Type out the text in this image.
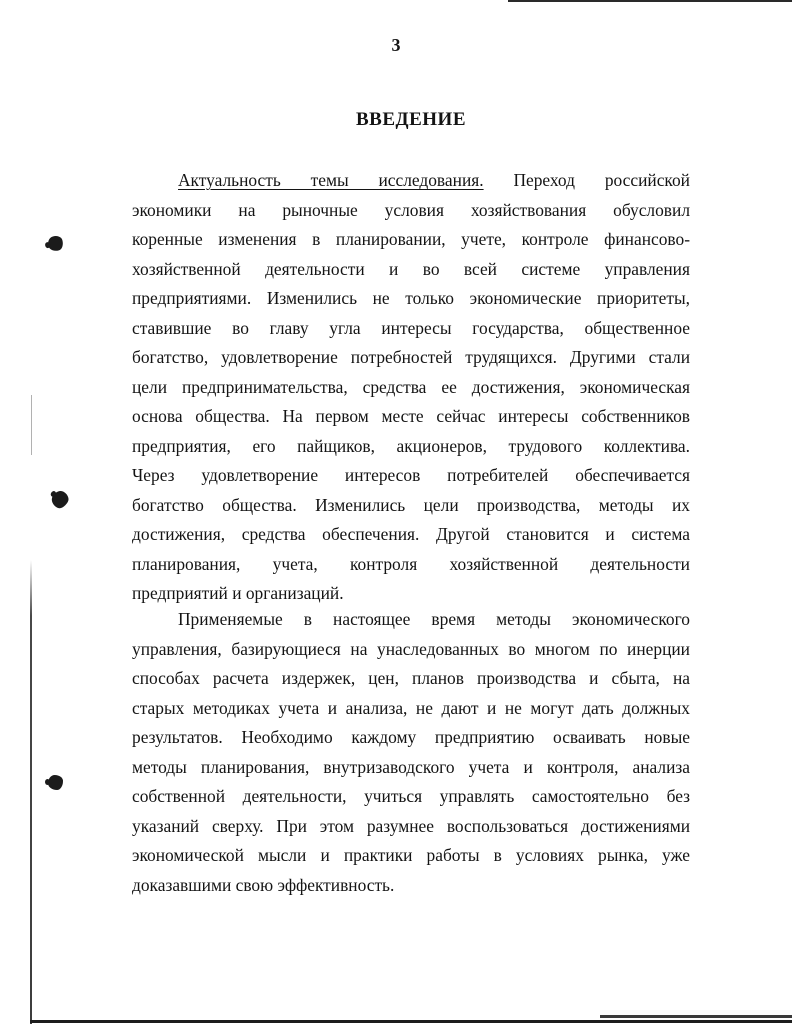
3
ВВЕДЕНИЕ
Актуальность темы исследования. Переход российской
экономики на рыночные условия хозяйствования обусловил
коренные изменения в планировании, учете, контроле финансово-
хозяйственной деятельности и во всей системе управления
предприятиями. Изменились не только экономические приоритеты,
ставившие во главу угла интересы государства, общественное
богатство, удовлетворение потребностей трудящихся. Другими стали
цели предпринимательства, средства ее достижения, экономическая
основа общества. На первом месте сейчас интересы собственников
предприятия, его пайщиков, акционеров, трудового коллектива.
Через удовлетворение интересов потребителей обеспечивается
богатство общества. Изменились цели производства, методы их
достижения, средства обеспечения. Другой становится и система
планирования, учета, контроля хозяйственной деятельности
предприятий и организаций.
Применяемые в настоящее время методы экономического
управления, базирующиеся на унаследованных во многом по инерции
способах расчета издержек, цен, планов производства и сбыта, на
старых методиках учета и анализа, не дают и не могут дать должных
результатов. Необходимо каждому предприятию осваивать новые
методы планирования, внутризаводского учета и контроля, анализа
собственной деятельности, учиться управлять самостоятельно без
указаний сверху. При этом разумнее воспользоваться достижениями
экономической мысли и практики работы в условиях рынка, уже
доказавшими свою эффективность.
